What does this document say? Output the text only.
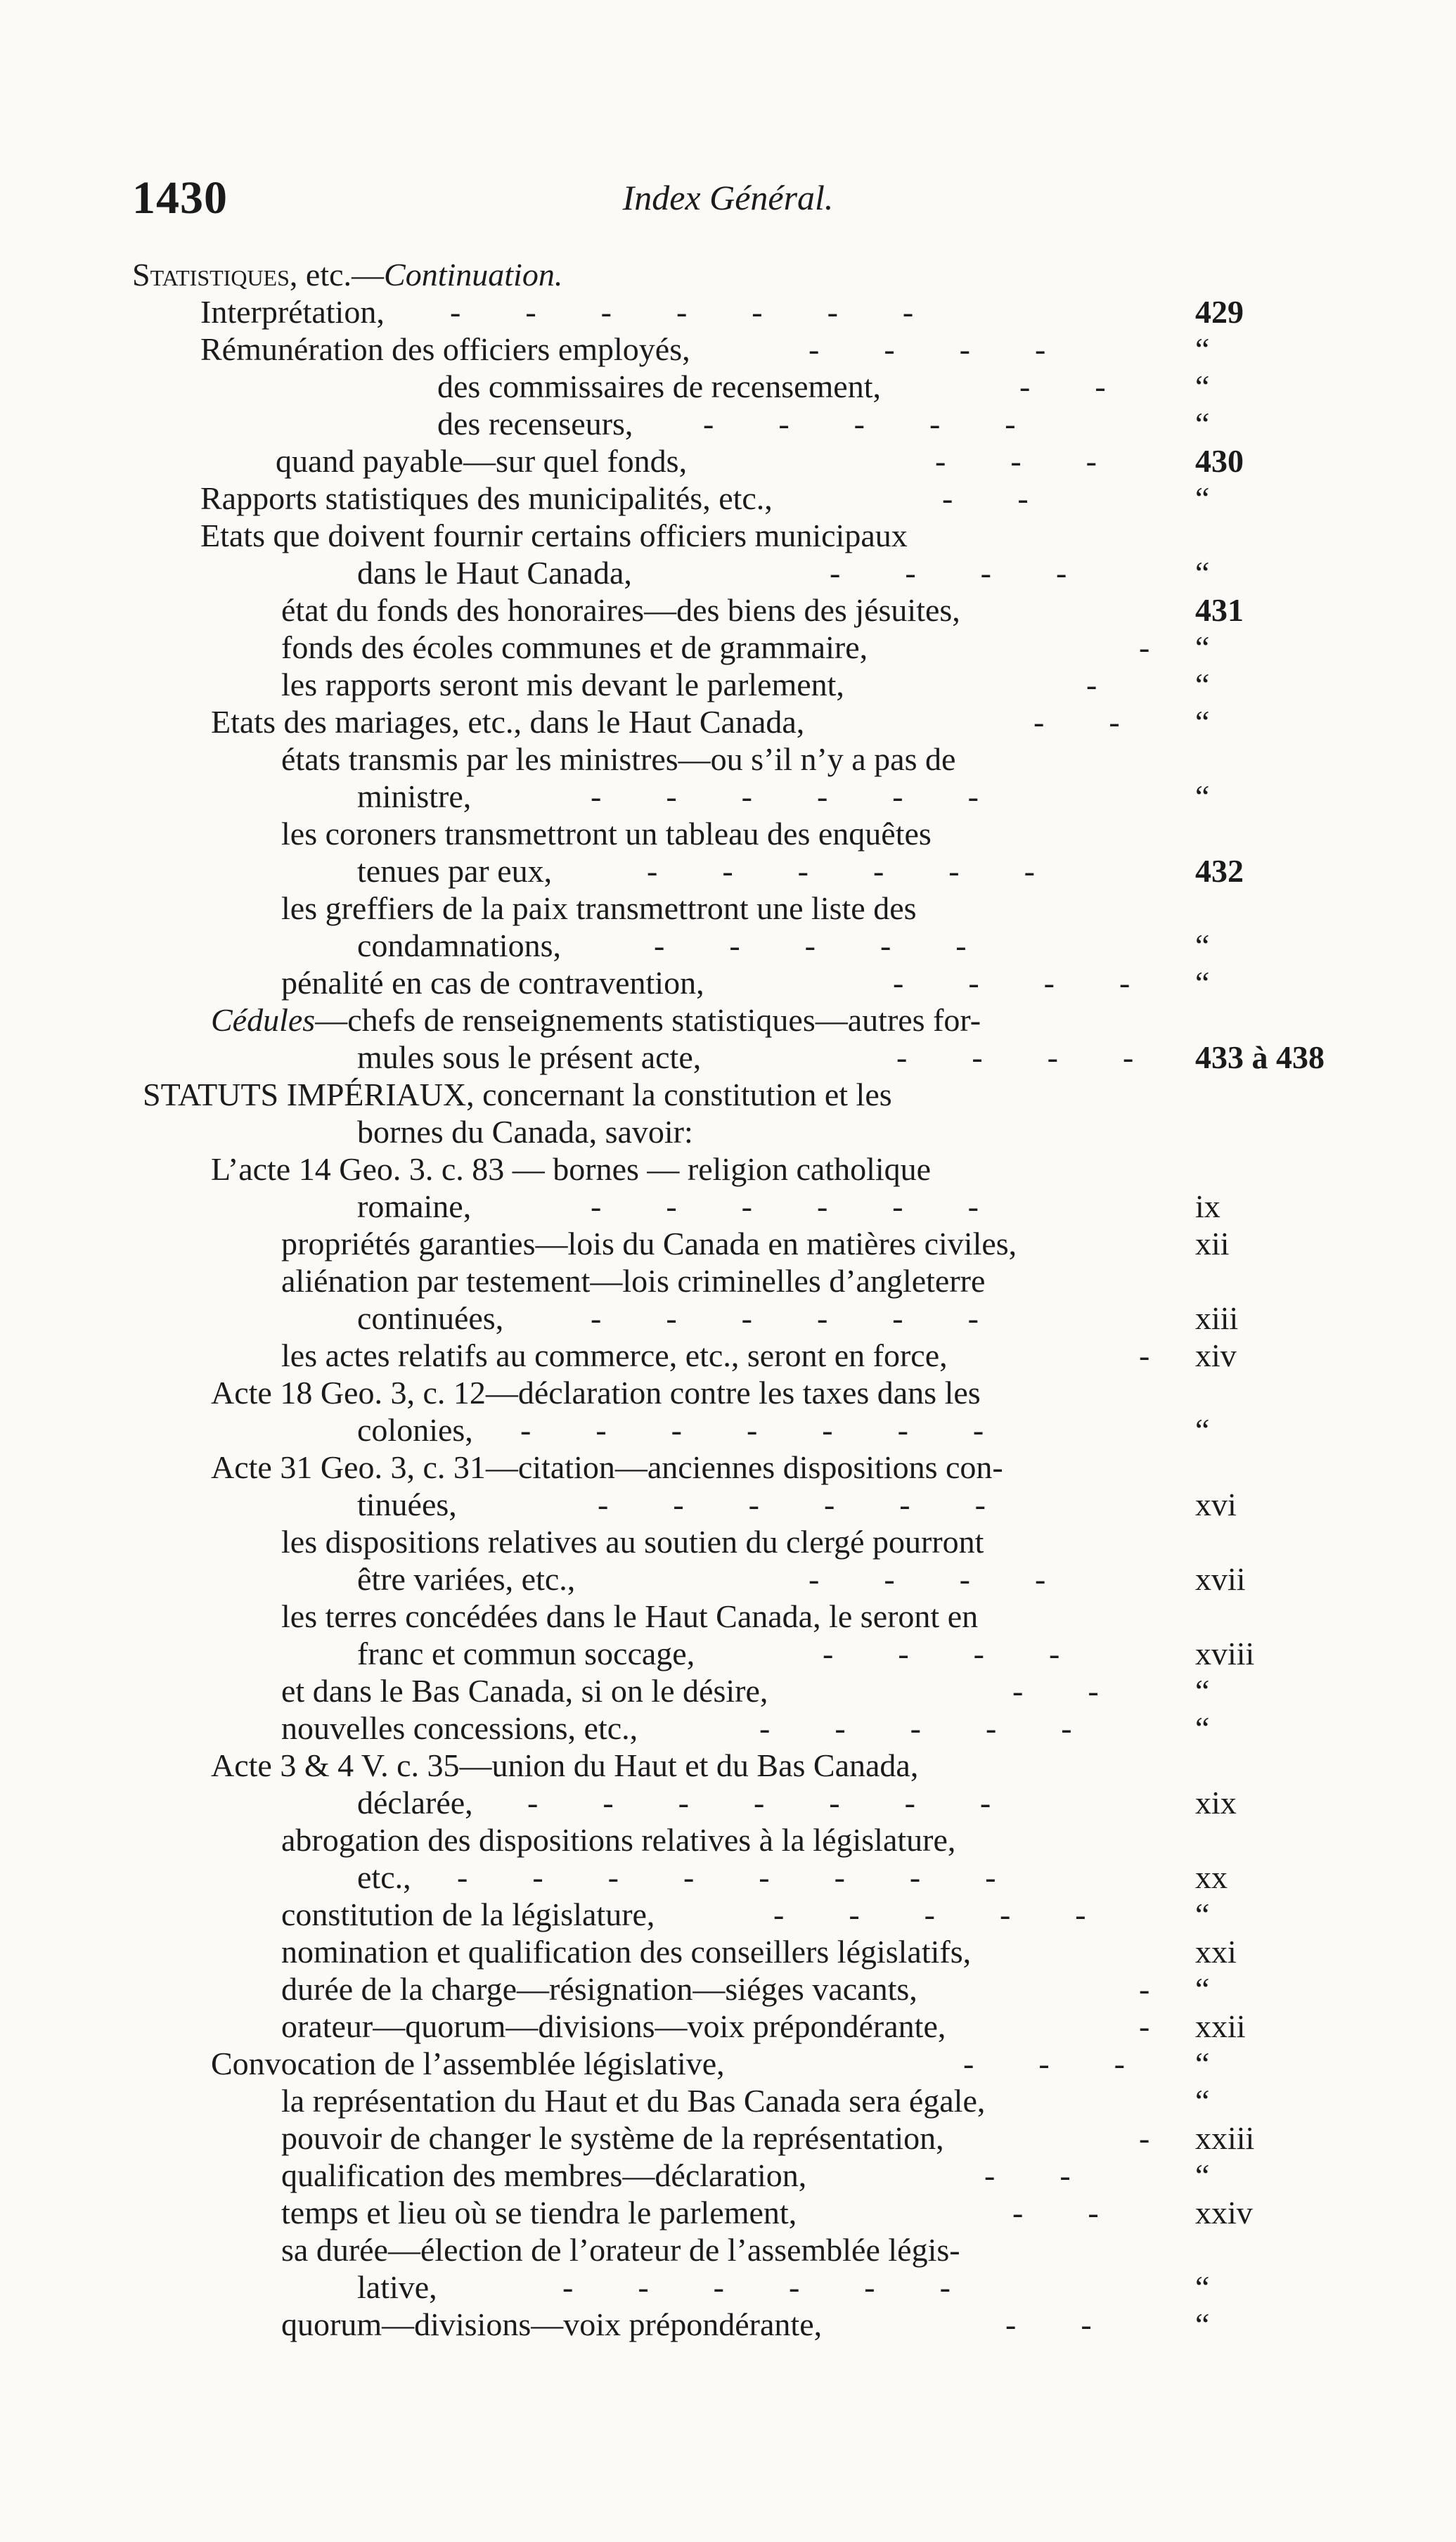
1430	Index Général.
Statistiques, etc.—Continuation.
Interprétation, -        -        -        -        -        -        -	429
Rémunération des officiers employés,	-        -        -        -	“
des commissaires de recensement,	-        -	“
des recenseurs, -        -        -        -        -	“
quand payable—sur quel fonds,	-        -        -	430
Rapports statistiques des municipalités, etc.,	-        -	“
Etats que doivent fournir certains officiers municipaux
dans le Haut Canada,	-        -        -        -	“
état du fonds des honoraires—des biens des jésuites,	431
fonds des écoles communes et de grammaire,	- “
les rapports seront mis devant le parlement,	-	“
Etats des mariages, etc., dans le Haut Canada,	-        - “
états transmis par les ministres—ou s’il n’y a pas de
ministre,	-        -        -        -        -        -	“
les coroners transmettront un tableau des enquêtes
tenues par eux,	-        -        -        -        -        -	432
les greffiers de la paix transmettront une liste des
condamnations,	-        -        -        -        -	“
pénalité en cas de contravention,	-        -        -        - “
Cédules—chefs de renseignements statistiques—autres for-
mules sous le présent acte,	-        -        -        - 433 à 438
STATUTS IMPÉRIAUX, concernant la constitution et les
bornes du Canada, savoir:
L’acte 14 Geo. 3. c. 83 — bornes — religion catholique
romaine,	-        -        -        -        -        -	ix
propriétés garanties—lois du Canada en matières civiles,	xii
aliénation par testement—lois criminelles d’angleterre
continuées,	-        -        -        -        -        -	xiii
les actes relatifs au commerce, etc., seront en force,	- xiv
Acte 18 Geo. 3, c. 12—déclaration contre les taxes dans les
colonies, -        -        -        -        -        -        -	“
Acte 31 Geo. 3, c. 31—citation—anciennes dispositions con-
tinuées,	-        -        -        -        -        -	xvi
les dispositions relatives au soutien du clergé pourront
être variées, etc.,	-        -        -        -	xvii
les terres concédées dans le Haut Canada, le seront en
franc et commun soccage,	-        -        -        -	xviii
et dans le Bas Canada, si on le désire,	-        -	“
nouvelles concessions, etc.,	-        -        -        -        -	“
Acte 3 & 4 V. c. 35—union du Haut et du Bas Canada,
déclarée, -        -        -        -        -        -        -	xix
abrogation des dispositions relatives à la législature,
etc., -        -        -        -        -        -        -        -	xx
constitution de la législature,	-        -        -        -        -	“
nomination et qualification des conseillers législatifs,	xxi
durée de la charge—résignation—siéges vacants,	- “
orateur—quorum—divisions—voix prépondérante,	- xxii
Convocation de l’assemblée législative,	-        -        - “
la représentation du Haut et du Bas Canada sera égale,	“
pouvoir de changer le système de la représentation,	- xxiii
qualification des membres—déclaration,	-        -	“
temps et lieu où se tiendra le parlement,	-        -	xxiv
sa durée—élection de l’orateur de l’assemblée légis-
lative,	-        -        -        -        -        -	“
quorum—divisions—voix prépondérante,	-        -	“
